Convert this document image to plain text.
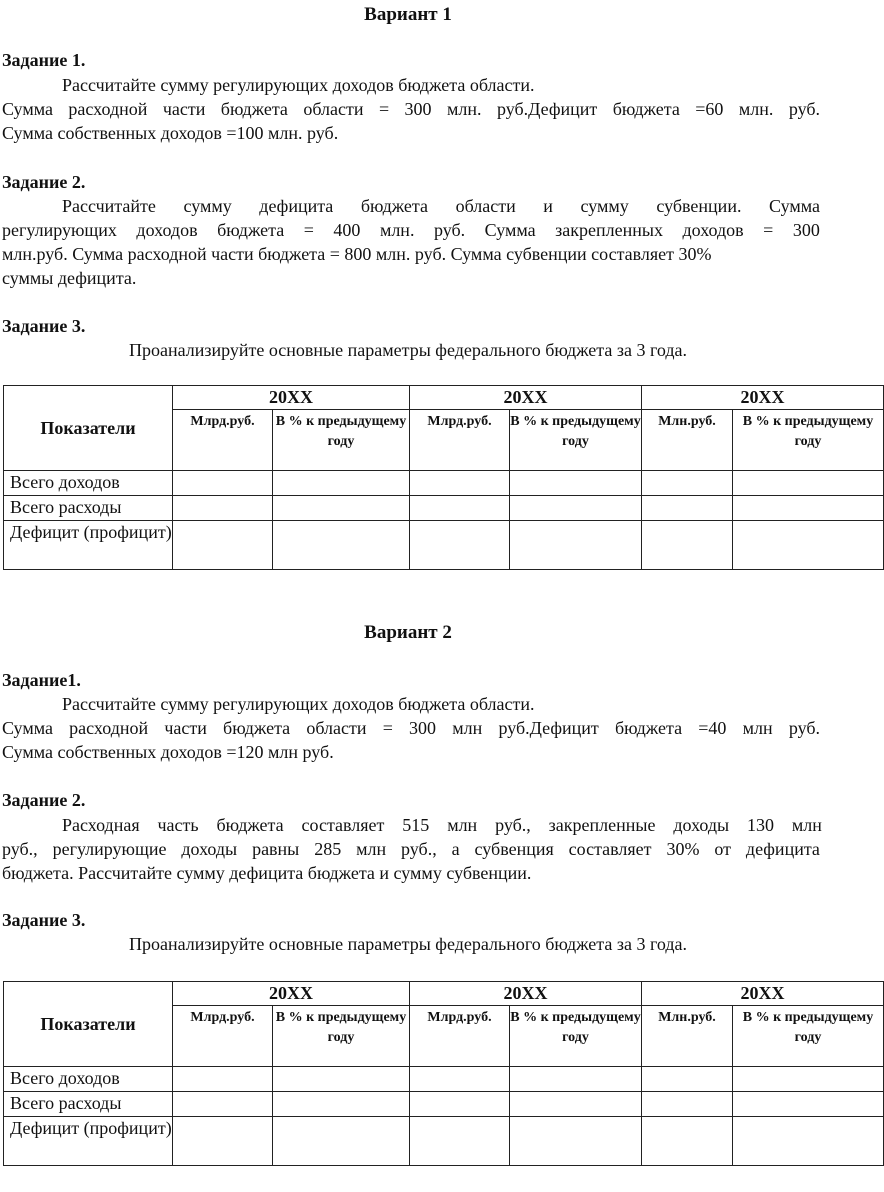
Вариант 1
Задание 1.
Рассчитайте сумму регулирующих доходов бюджета области.
Сумма расходной части бюджета области = 300 млн. руб.Дефицит бюджета =60 млн. руб.
Сумма собственных доходов =100 млн. руб.
Задание 2.
Рассчитайте сумму дефицита бюджета области и сумму субвенции. Сумма
регулирующих доходов бюджета = 400 млн. руб. Сумма закрепленных доходов = 300
млн.руб. Сумма расходной части бюджета = 800 млн. руб. Сумма субвенции составляет 30%
суммы дефицита.
Задание 3.
Проанализируйте основные параметры федерального бюджета за 3 года.
Показатели	20ХХ		20ХХ		20ХХ	
	Млрд.руб.	В % к предыдущему году	Млрд.руб.	В % к предыдущему году	Млн.руб.	В % к предыдущему году
Всего доходов						
Всего расходы						
Дефицит (профицит)						
Вариант 2
Задание1.
Рассчитайте сумму регулирующих доходов бюджета области.
Сумма расходной части бюджета области = 300 млн руб.Дефицит бюджета =40 млн руб.
Сумма собственных доходов =120 млн руб.
Задание 2.
Расходная часть бюджета составляет 515 млн руб., закрепленные доходы 130 млн
руб., регулирующие доходы равны 285 млн руб., а субвенция составляет 30% от дефицита
бюджета. Рассчитайте сумму дефицита бюджета и сумму субвенции.
Задание 3.
Проанализируйте основные параметры федерального бюджета за 3 года.
Показатели	20ХХ		20ХХ		20ХХ	
	Млрд.руб.	В % к предыдущему году	Млрд.руб.	В % к предыдущему году	Млн.руб.	В % к предыдущему году
Всего доходов						
Всего расходы						
Дефицит (профицит)						
